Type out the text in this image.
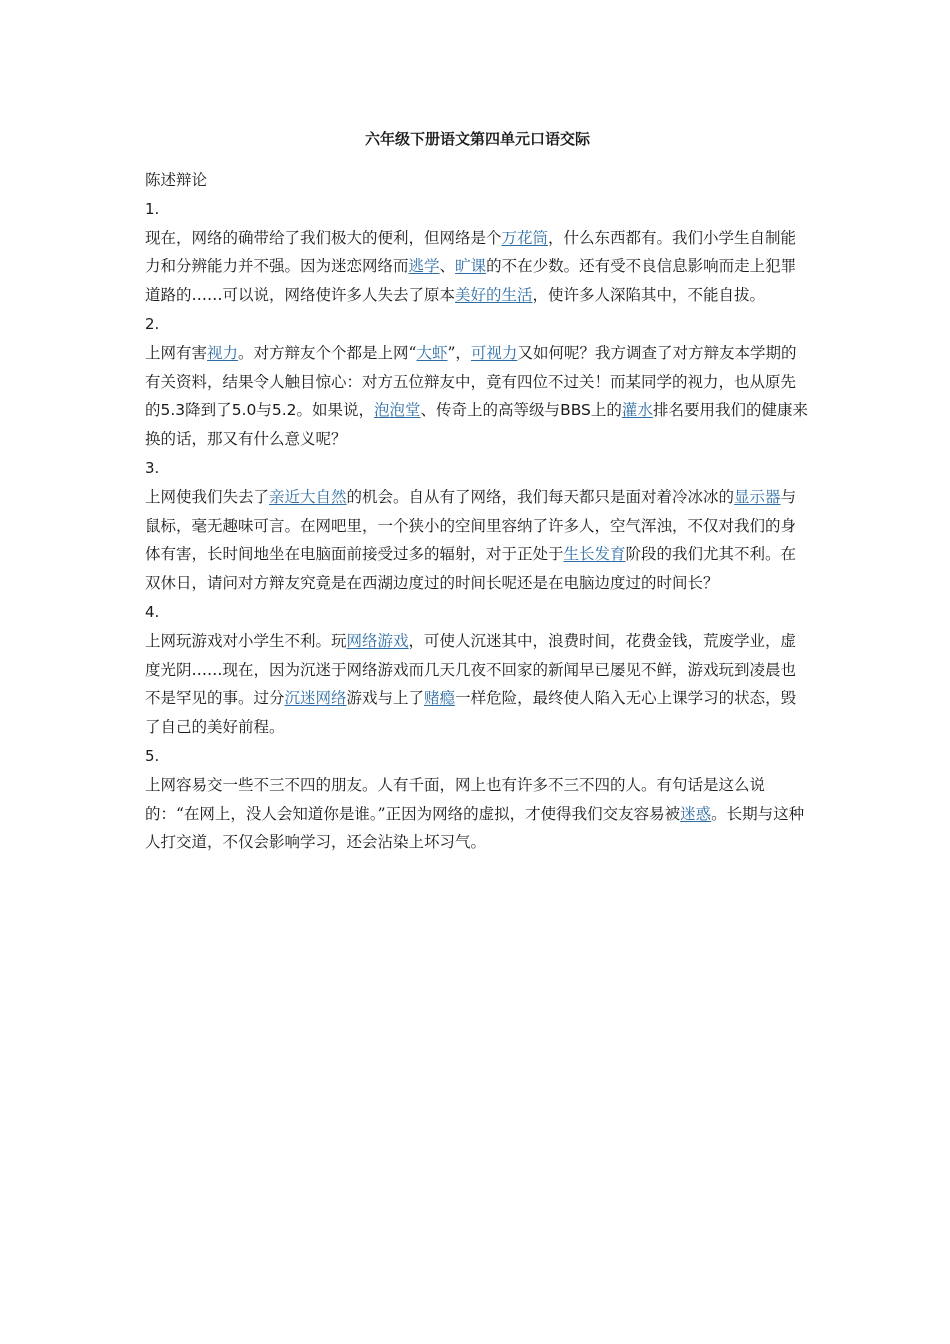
六年级下册语文第四单元口语交际
陈述辩论
1.
现在，网络的确带给了我们极大的便利，但网络是个万花筒，什么东西都有。我们小学生自制能力和分辨能力并不强。因为迷恋网络而逃学、旷课的不在少数。还有受不良信息影响而走上犯罪道路的……可以说，网络使许多人失去了原本美好的生活，使许多人深陷其中，不能自拔。
2.
上网有害视力。对方辩友个个都是上网“大虾”，可视力又如何呢？我方调查了对方辩友本学期的有关资料，结果令人触目惊心：对方五位辩友中，竟有四位不过关！而某同学的视力，也从原先的5.3降到了5.0与5.2。如果说，泡泡堂、传奇上的高等级与BBS上的灌水排名要用我们的健康来换的话，那又有什么意义呢？
3.
上网使我们失去了亲近大自然的机会。自从有了网络，我们每天都只是面对着冷冰冰的显示器与鼠标，毫无趣味可言。在网吧里，一个狭小的空间里容纳了许多人，空气浑浊，不仅对我们的身体有害，长时间地坐在电脑面前接受过多的辐射，对于正处于生长发育阶段的我们尤其不利。在双休日，请问对方辩友究竟是在西湖边度过的时间长呢还是在电脑边度过的时间长？
4.
上网玩游戏对小学生不利。玩网络游戏，可使人沉迷其中，浪费时间，花费金钱，荒废学业，虚度光阴……现在，因为沉迷于网络游戏而几天几夜不回家的新闻早已屡见不鲜，游戏玩到凌晨也不是罕见的事。过分沉迷网络游戏与上了赌瘾一样危险，最终使人陷入无心上课学习的状态，毁了自己的美好前程。
5.
上网容易交一些不三不四的朋友。人有千面，网上也有许多不三不四的人。有句话是这么说的：“在网上，没人会知道你是谁。”正因为网络的虚拟，才使得我们交友容易被迷惑。长期与这种人打交道，不仅会影响学习，还会沾染上坏习气。
